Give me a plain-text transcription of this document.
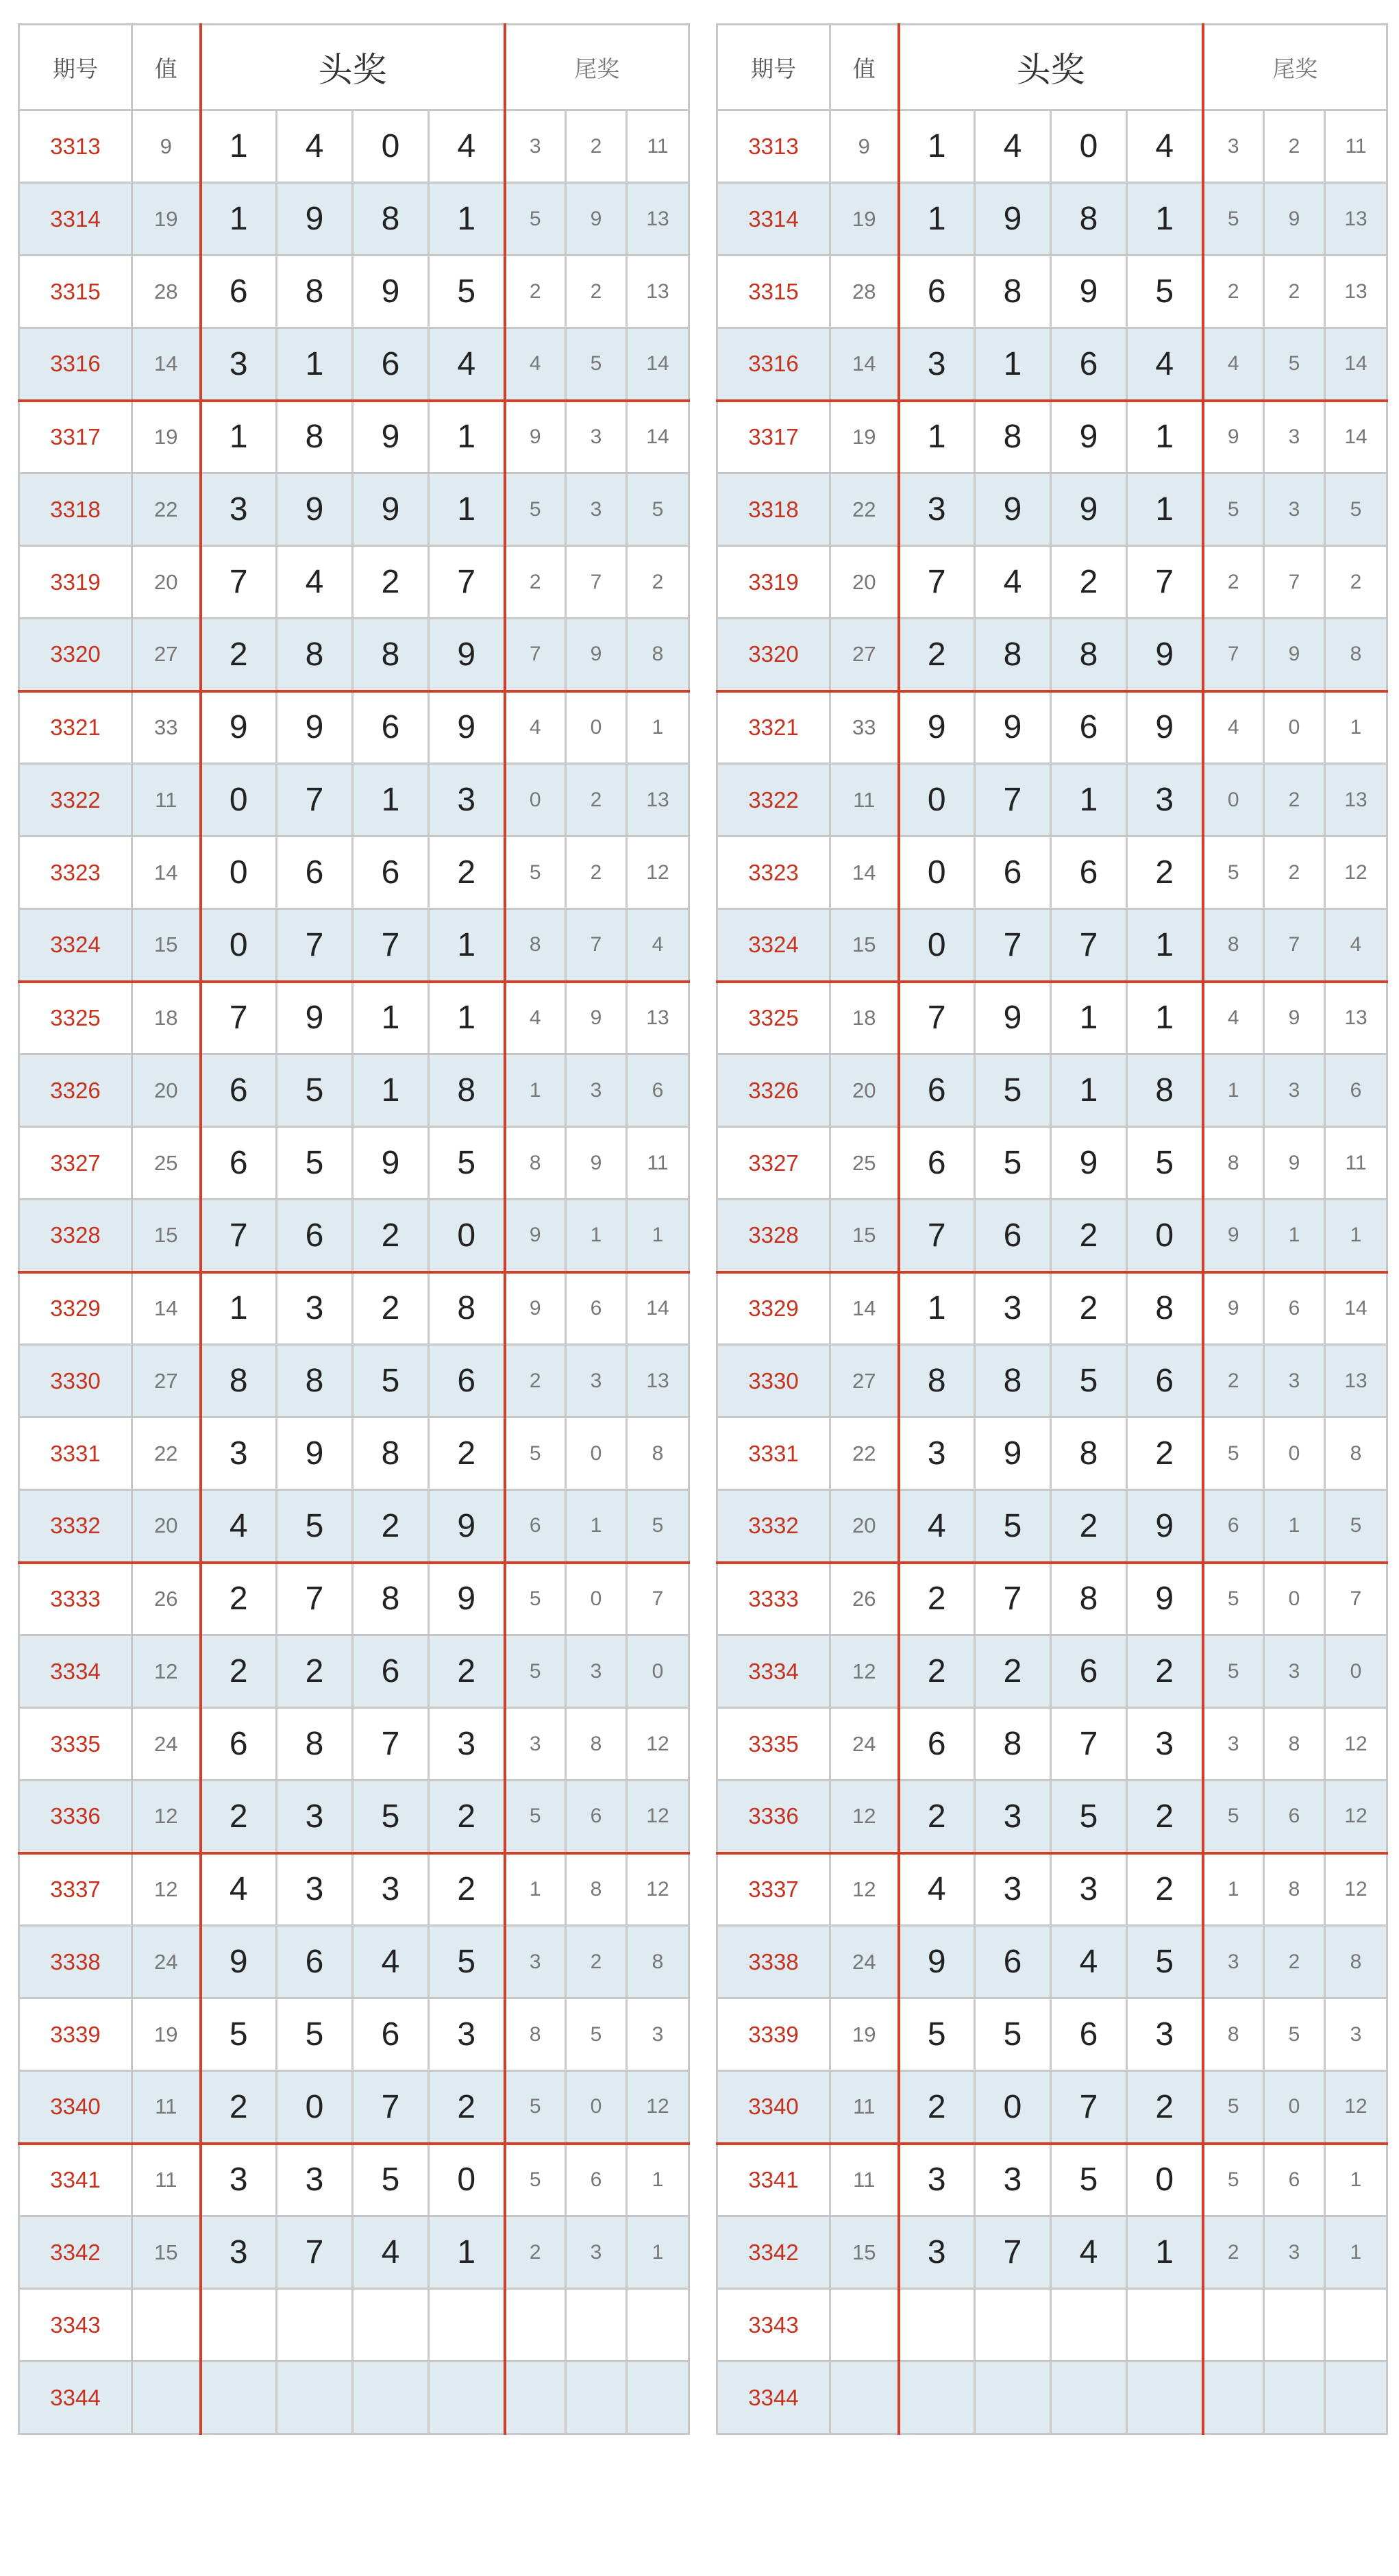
期号	值	头奖				尾奖		
3313	9	1	4	0	4	3	2	11
3314	19	1	9	8	1	5	9	13
3315	28	6	8	9	5	2	2	13
3316	14	3	1	6	4	4	5	14
3317	19	1	8	9	1	9	3	14
3318	22	3	9	9	1	5	3	5
3319	20	7	4	2	7	2	7	2
3320	27	2	8	8	9	7	9	8
3321	33	9	9	6	9	4	0	1
3322	11	0	7	1	3	0	2	13
3323	14	0	6	6	2	5	2	12
3324	15	0	7	7	1	8	7	4
3325	18	7	9	1	1	4	9	13
3326	20	6	5	1	8	1	3	6
3327	25	6	5	9	5	8	9	11
3328	15	7	6	2	0	9	1	1
3329	14	1	3	2	8	9	6	14
3330	27	8	8	5	6	2	3	13
3331	22	3	9	8	2	5	0	8
3332	20	4	5	2	9	6	1	5
3333	26	2	7	8	9	5	0	7
3334	12	2	2	6	2	5	3	0
3335	24	6	8	7	3	3	8	12
3336	12	2	3	5	2	5	6	12
3337	12	4	3	3	2	1	8	12
3338	24	9	6	4	5	3	2	8
3339	19	5	5	6	3	8	5	3
3340	11	2	0	7	2	5	0	12
3341	11	3	3	5	0	5	6	1
3342	15	3	7	4	1	2	3	1
3343								
3344								
期号	值	头奖				尾奖		
3313	9	1	4	0	4	3	2	11
3314	19	1	9	8	1	5	9	13
3315	28	6	8	9	5	2	2	13
3316	14	3	1	6	4	4	5	14
3317	19	1	8	9	1	9	3	14
3318	22	3	9	9	1	5	3	5
3319	20	7	4	2	7	2	7	2
3320	27	2	8	8	9	7	9	8
3321	33	9	9	6	9	4	0	1
3322	11	0	7	1	3	0	2	13
3323	14	0	6	6	2	5	2	12
3324	15	0	7	7	1	8	7	4
3325	18	7	9	1	1	4	9	13
3326	20	6	5	1	8	1	3	6
3327	25	6	5	9	5	8	9	11
3328	15	7	6	2	0	9	1	1
3329	14	1	3	2	8	9	6	14
3330	27	8	8	5	6	2	3	13
3331	22	3	9	8	2	5	0	8
3332	20	4	5	2	9	6	1	5
3333	26	2	7	8	9	5	0	7
3334	12	2	2	6	2	5	3	0
3335	24	6	8	7	3	3	8	12
3336	12	2	3	5	2	5	6	12
3337	12	4	3	3	2	1	8	12
3338	24	9	6	4	5	3	2	8
3339	19	5	5	6	3	8	5	3
3340	11	2	0	7	2	5	0	12
3341	11	3	3	5	0	5	6	1
3342	15	3	7	4	1	2	3	1
3343								
3344								
